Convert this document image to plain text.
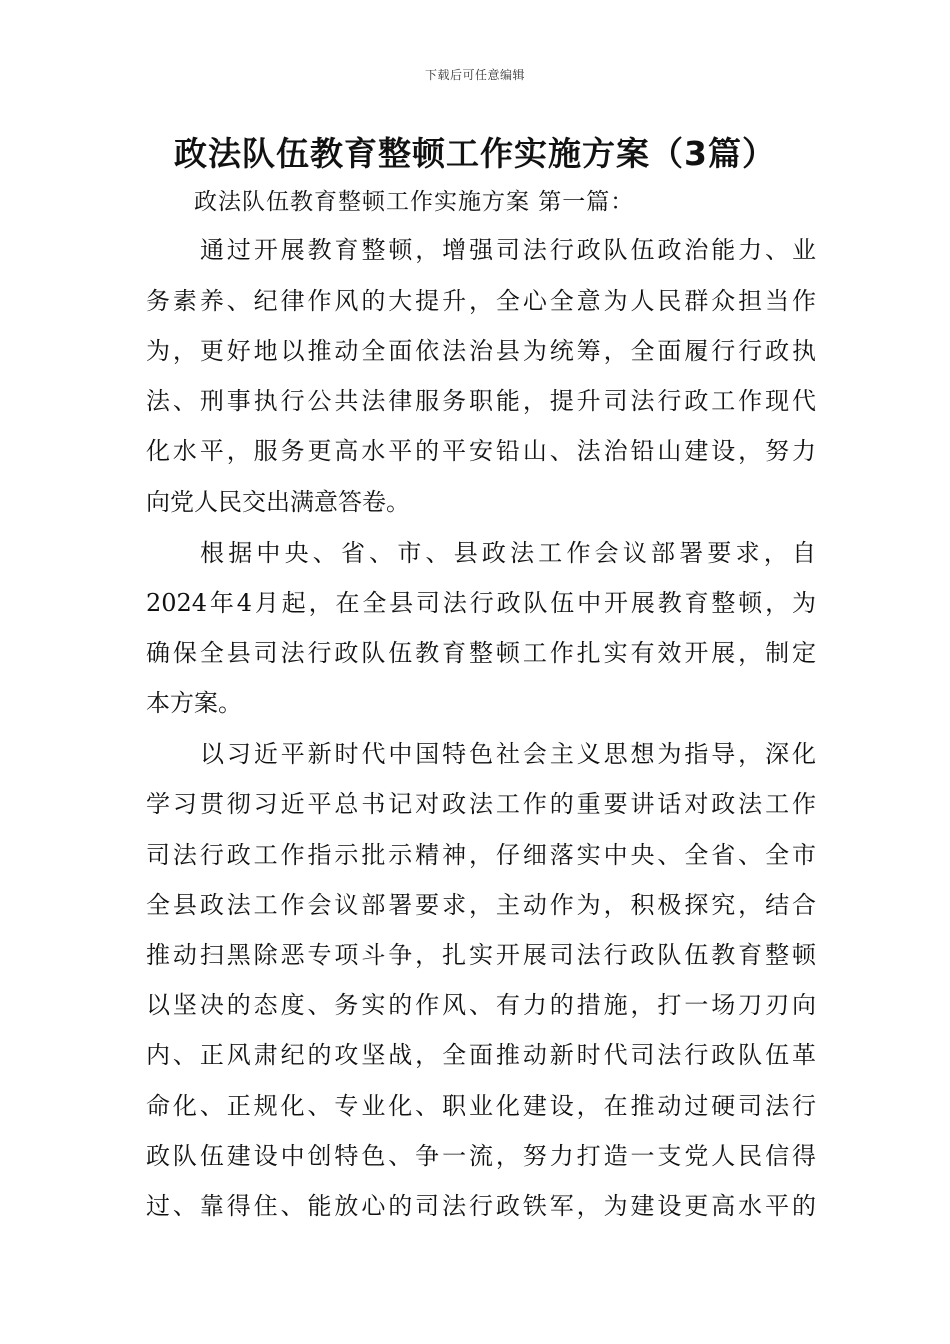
下载后可任意编辑
政法队伍教育整顿工作实施方案（3篇）
政法队伍教育整顿工作实施方案 第一篇：
通过开展教育整顿，增强司法行政队伍政治能力、业
务素养、纪律作风的大提升，全心全意为人民群众担当作
为，更好地以推动全面依法治县为统筹，全面履行行政执
法、刑事执行公共法律服务职能，提升司法行政工作现代
化水平，服务更高水平的平安铅山、法治铅山建设，努力
向党人民交出满意答卷。
根据中央、省、市、县政法工作会议部署要求，自
2024年4月起，在全县司法行政队伍中开展教育整顿，为
确保全县司法行政队伍教育整顿工作扎实有效开展，制定
本方案。
以习近平新时代中国特色社会主义思想为指导，深化
学习贯彻习近平总书记对政法工作的重要讲话对政法工作
司法行政工作指示批示精神，仔细落实中央、全省、全市
全县政法工作会议部署要求，主动作为，积极探究，结合
推动扫黑除恶专项斗争，扎实开展司法行政队伍教育整顿
以坚决的态度、务实的作风、有力的措施，打一场刀刃向
内、正风肃纪的攻坚战，全面推动新时代司法行政队伍革
命化、正规化、专业化、职业化建设，在推动过硬司法行
政队伍建设中创特色、争一流，努力打造一支党人民信得
过、靠得住、能放心的司法行政铁军，为建设更高水平的
